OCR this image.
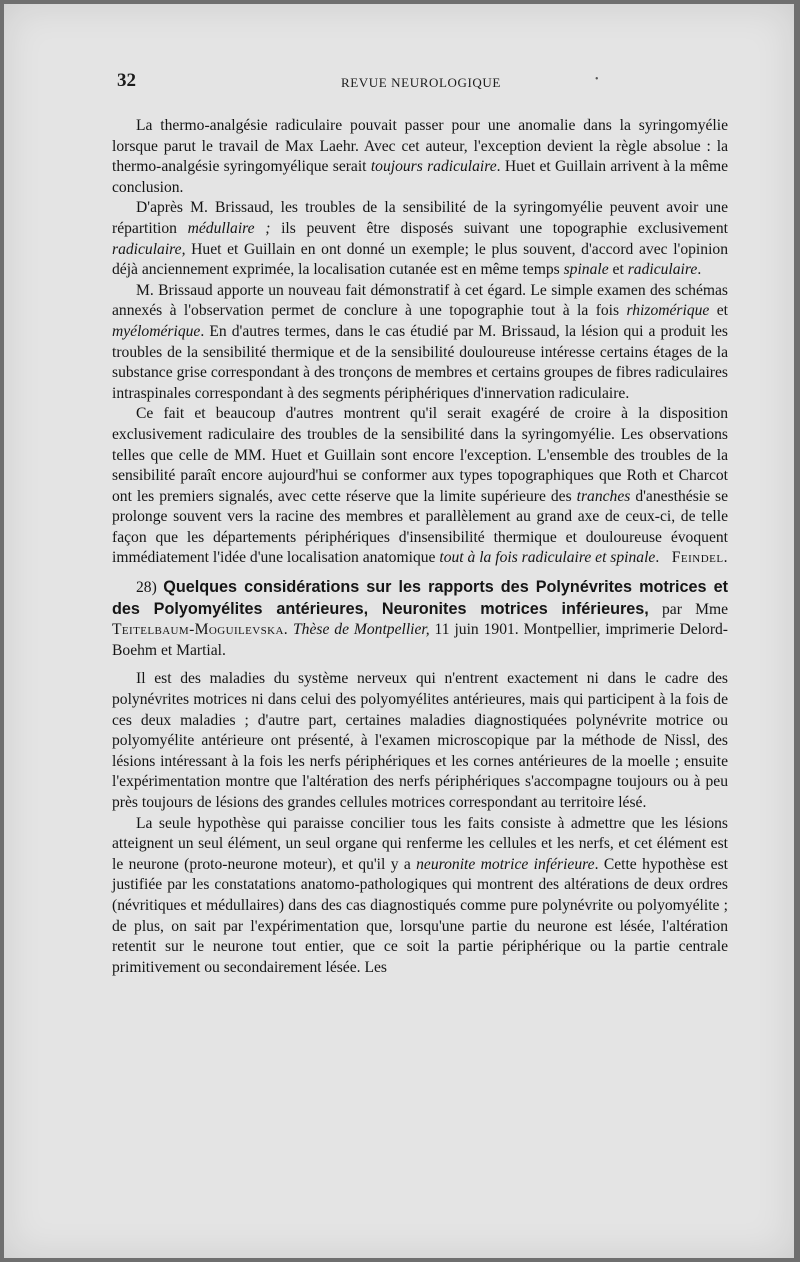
32	REVUE NEUROLOGIQUE	•

La thermo-analgésie radiculaire pouvait passer pour une anomalie dans la syringomyélie lorsque parut le travail de Max Laehr. Avec cet auteur, l'exception devient la règle absolue : la thermo-analgésie syringomyélique serait toujours radiculaire. Huet et Guillain arrivent à la même conclusion.

D'après M. Brissaud, les troubles de la sensibilité de la syringomyélie peuvent avoir une répartition médullaire ; ils peuvent être disposés suivant une topographie exclusivement radiculaire, Huet et Guillain en ont donné un exemple; le plus souvent, d'accord avec l'opinion déjà anciennement exprimée, la localisation cutanée est en même temps spinale et radiculaire.

M. Brissaud apporte un nouveau fait démonstratif à cet égard. Le simple examen des schémas annexés à l'observation permet de conclure à une topographie tout à la fois rhizomérique et myélomérique. En d'autres termes, dans le cas étudié par M. Brissaud, la lésion qui a produit les troubles de la sensibilité thermique et de la sensibilité douloureuse intéresse certains étages de la substance grise correspondant à des tronçons de membres et certains groupes de fibres radiculaires intraspinales correspondant à des segments périphériques d'innervation radiculaire.

Ce fait et beaucoup d'autres montrent qu'il serait exagéré de croire à la disposition exclusivement radiculaire des troubles de la sensibilité dans la syringomyélie. Les observations telles que celle de MM. Huet et Guillain sont encore l'exception. L'ensemble des troubles de la sensibilité paraît encore aujourd'hui se conformer aux types topographiques que Roth et Charcot ont les premiers signalés, avec cette réserve que la limite supérieure des tranches d'anesthésie se prolonge souvent vers la racine des membres et parallèlement au grand axe de ceux-ci, de telle façon que les départements périphériques d'insensibilité thermique et douloureuse évoquent immédiatement l'idée d'une localisation anatomique tout à la fois radiculaire et spinale. Feindel.

28) Quelques considérations sur les rapports des Polynévrites motrices et des Polyomyélites antérieures, Neuronites motrices inférieures, par Mme Teitelbaum-Moguilevska. Thèse de Montpellier, 11 juin 1901. Montpellier, imprimerie Delord-Boehm et Martial.

Il est des maladies du système nerveux qui n'entrent exactement ni dans le cadre des polynévrites motrices ni dans celui des polyomyélites antérieures, mais qui participent à la fois de ces deux maladies ; d'autre part, certaines maladies diagnostiquées polynévrite motrice ou polyomyélite antérieure ont présenté, à l'examen microscopique par la méthode de Nissl, des lésions intéressant à la fois les nerfs périphériques et les cornes antérieures de la moelle ; ensuite l'expérimentation montre que l'altération des nerfs périphériques s'accompagne toujours ou à peu près toujours de lésions des grandes cellules motrices correspondant au territoire lésé.

La seule hypothèse qui paraisse concilier tous les faits consiste à admettre que les lésions atteignent un seul élément, un seul organe qui renferme les cellules et les nerfs, et cet élément est le neurone (proto-neurone moteur), et qu'il y a neuronite motrice inférieure. Cette hypothèse est justifiée par les constatations anatomo-pathologiques qui montrent des altérations de deux ordres (névritiques et médullaires) dans des cas diagnostiqués comme pure polynévrite ou polyomyélite ; de plus, on sait par l'expérimentation que, lorsqu'une partie du neurone est lésée, l'altération retentit sur le neurone tout entier, que ce soit la partie périphérique ou la partie centrale primitivement ou secondairement lésée. Les
